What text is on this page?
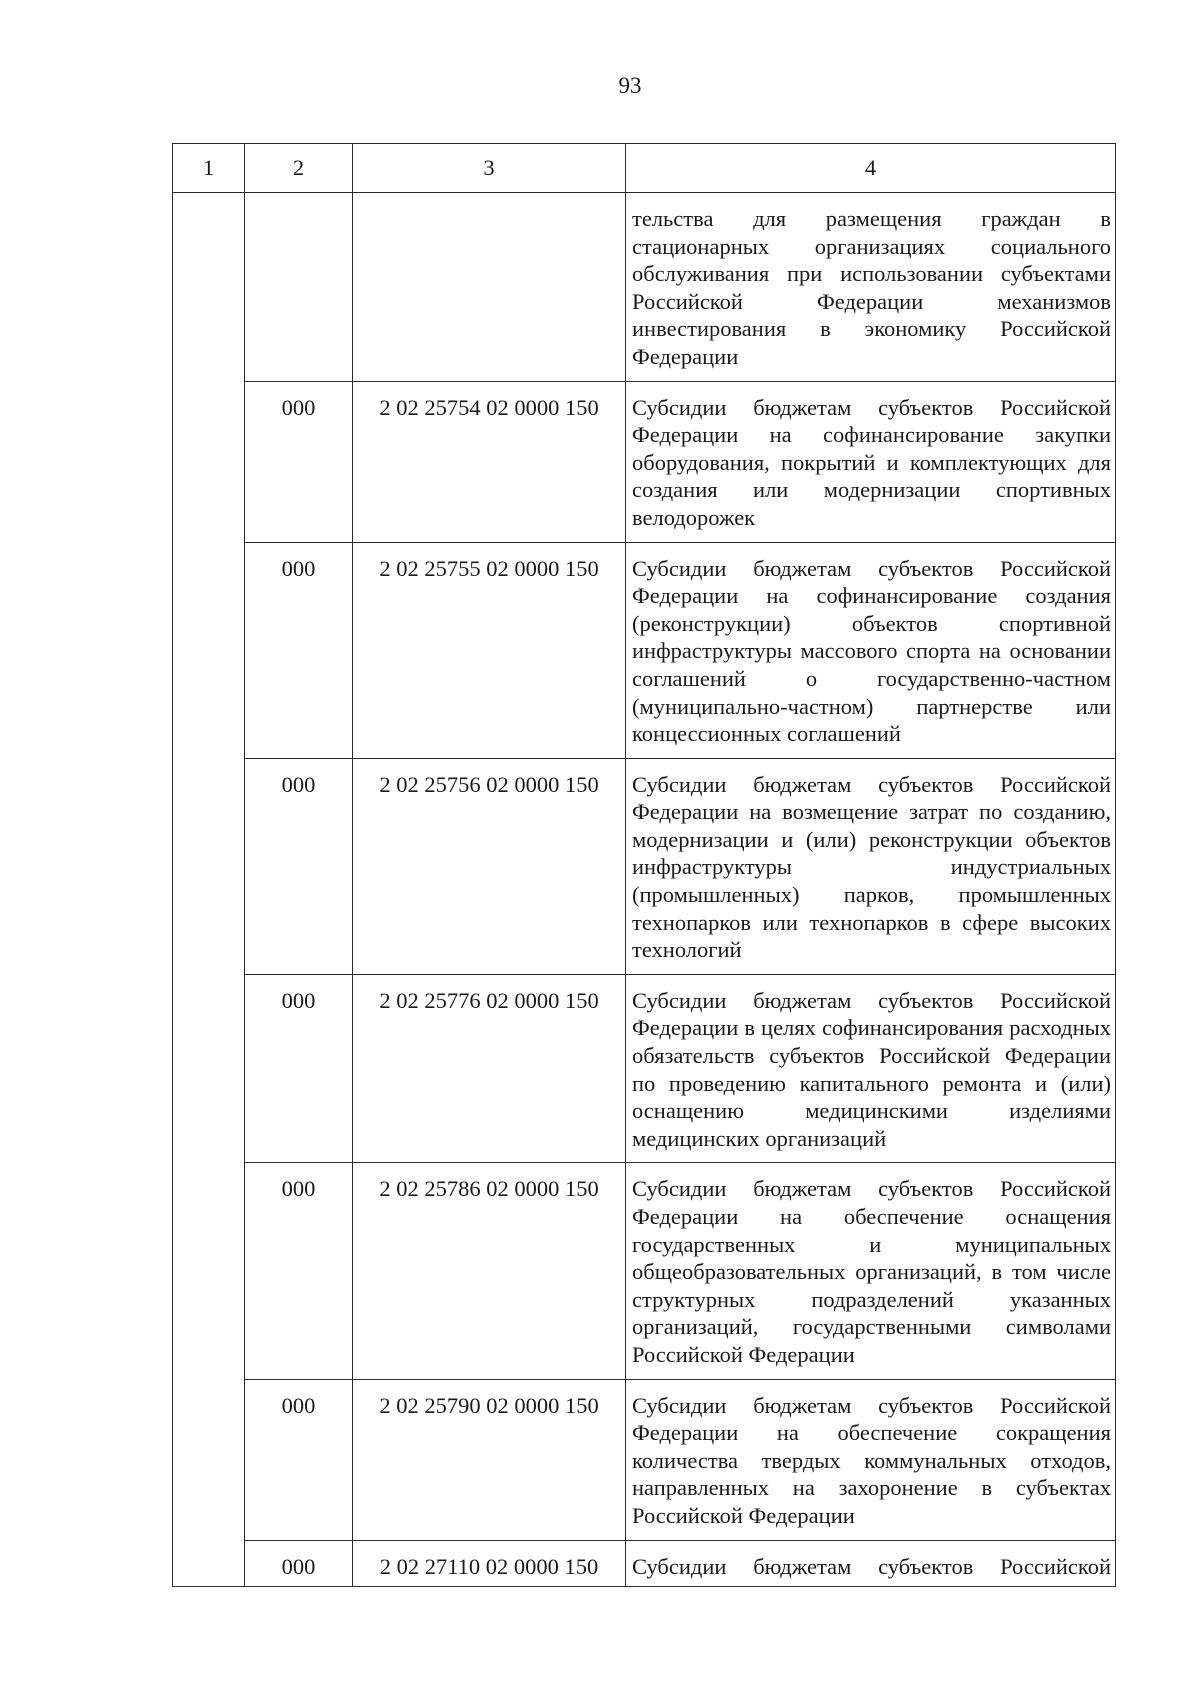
93
1	2	3	4
			тельства для размещения граждан в стационарных организациях социального обслуживания при использовании субъектами Российской Федерации механизмов инвестирования в экономику Российской Федерации
	000	2 02 25754 02 0000 150	Субсидии бюджетам субъектов Российской Федерации на софинансирование закупки оборудования, покрытий и комплектующих для создания или модернизации спортивных велодорожек
	000	2 02 25755 02 0000 150	Субсидии бюджетам субъектов Российской Федерации на софинансирование создания (реконструкции) объектов спортивной инфраструктуры массового спорта на основании соглашений о государственно-частном (муниципально-частном) партнерстве или концессионных соглашений
	000	2 02 25756 02 0000 150	Субсидии бюджетам субъектов Российской Федерации на возмещение затрат по созданию, модернизации и (или) реконструкции объектов инфраструктуры индустриальных (промышленных) парков, промышленных технопарков или технопарков в сфере высоких технологий
	000	2 02 25776 02 0000 150	Субсидии бюджетам субъектов Российской Федерации в целях софинансирования расходных обязательств субъектов Российской Федерации по проведению капитального ремонта и (или) оснащению медицинскими изделиями медицинских организаций
	000	2 02 25786 02 0000 150	Субсидии бюджетам субъектов Российской Федерации на обеспечение оснащения государственных и муниципальных общеобразовательных организаций, в том числе структурных подразделений указанных организаций, государственными символами Российской Федерации
	000	2 02 25790 02 0000 150	Субсидии бюджетам субъектов Российской Федерации на обеспечение сокращения количества твердых коммунальных отходов, направленных на захоронение в субъектах Российской Федерации
	000	2 02 27110 02 0000 150	Субсидии бюджетам субъектов Российской
